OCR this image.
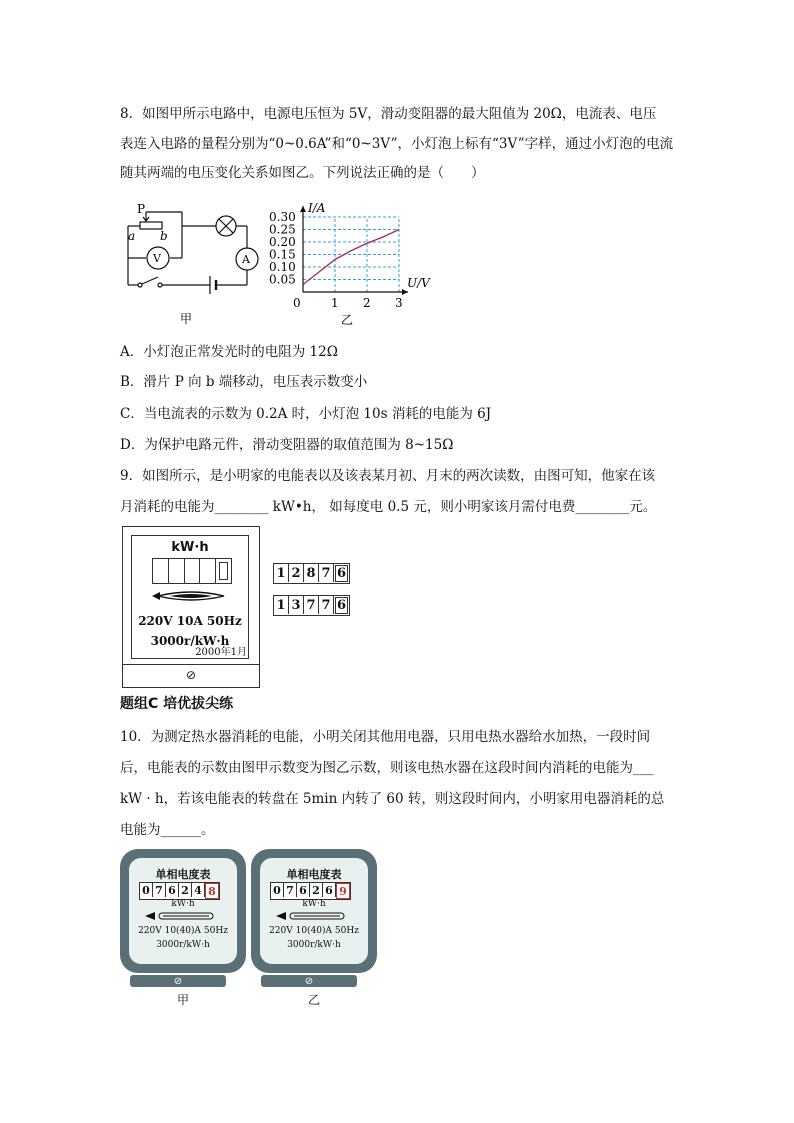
8．如图甲所示电路中，电源电压恒为 5V，滑动变阻器的最大阻值为 20Ω，电流表、电压
表连入电路的量程分别为“0~0.6A”和“0~3V”，小灯泡上标有“3V”字样，通过小灯泡的电流
随其两端的电压变化关系如图乙。下列说法正确的是（　　）
P
a b
V	A
甲
0.30
0.25
0.20
0.15
0.10
0.05
1 2 3
I/A
U/V
0
乙
A．小灯泡正常发光时的电阻为 12Ω
B．滑片 P 向 b 端移动，电压表示数变小
C．当电流表的示数为 0.2A 时，小灯泡 10s 消耗的电能为 6J
D．为保护电路元件，滑动变阻器的取值范围为 8~15Ω
9．如图所示，是小明家的电能表以及该表某月初、月末的两次读数，由图可知，他家在该
月消耗的电能为________ kW•h， 如每度电 0.5 元，则小明家该月需付电费________元。
kW·h
220V 10A 50Hz
3000r/kW·h
2000年1月
⊘
1 2 8 7 6
1 3 7 7 6
题组C 培优拔尖练
10．为测定热水器消耗的电能，小明关闭其他用电器，只用电热水器给水加热，一段时间
后，电能表的示数由图甲示数变为图乙示数，则该电热水器在这段时间内消耗的电能为___
kW · h，若该电能表的转盘在 5min 内转了 60 转，则这段时间内，小明家用电器消耗的总
电能为______。
单相电度表
0 7 6 2 4 8
kW·h
220V 10(40)A 50Hz
3000r/kW·h
⊘
甲
单相电度表
0 7 6 2 6 9
kW·h
220V 10(40)A 50Hz
3000r/kW·h
⊘
乙
